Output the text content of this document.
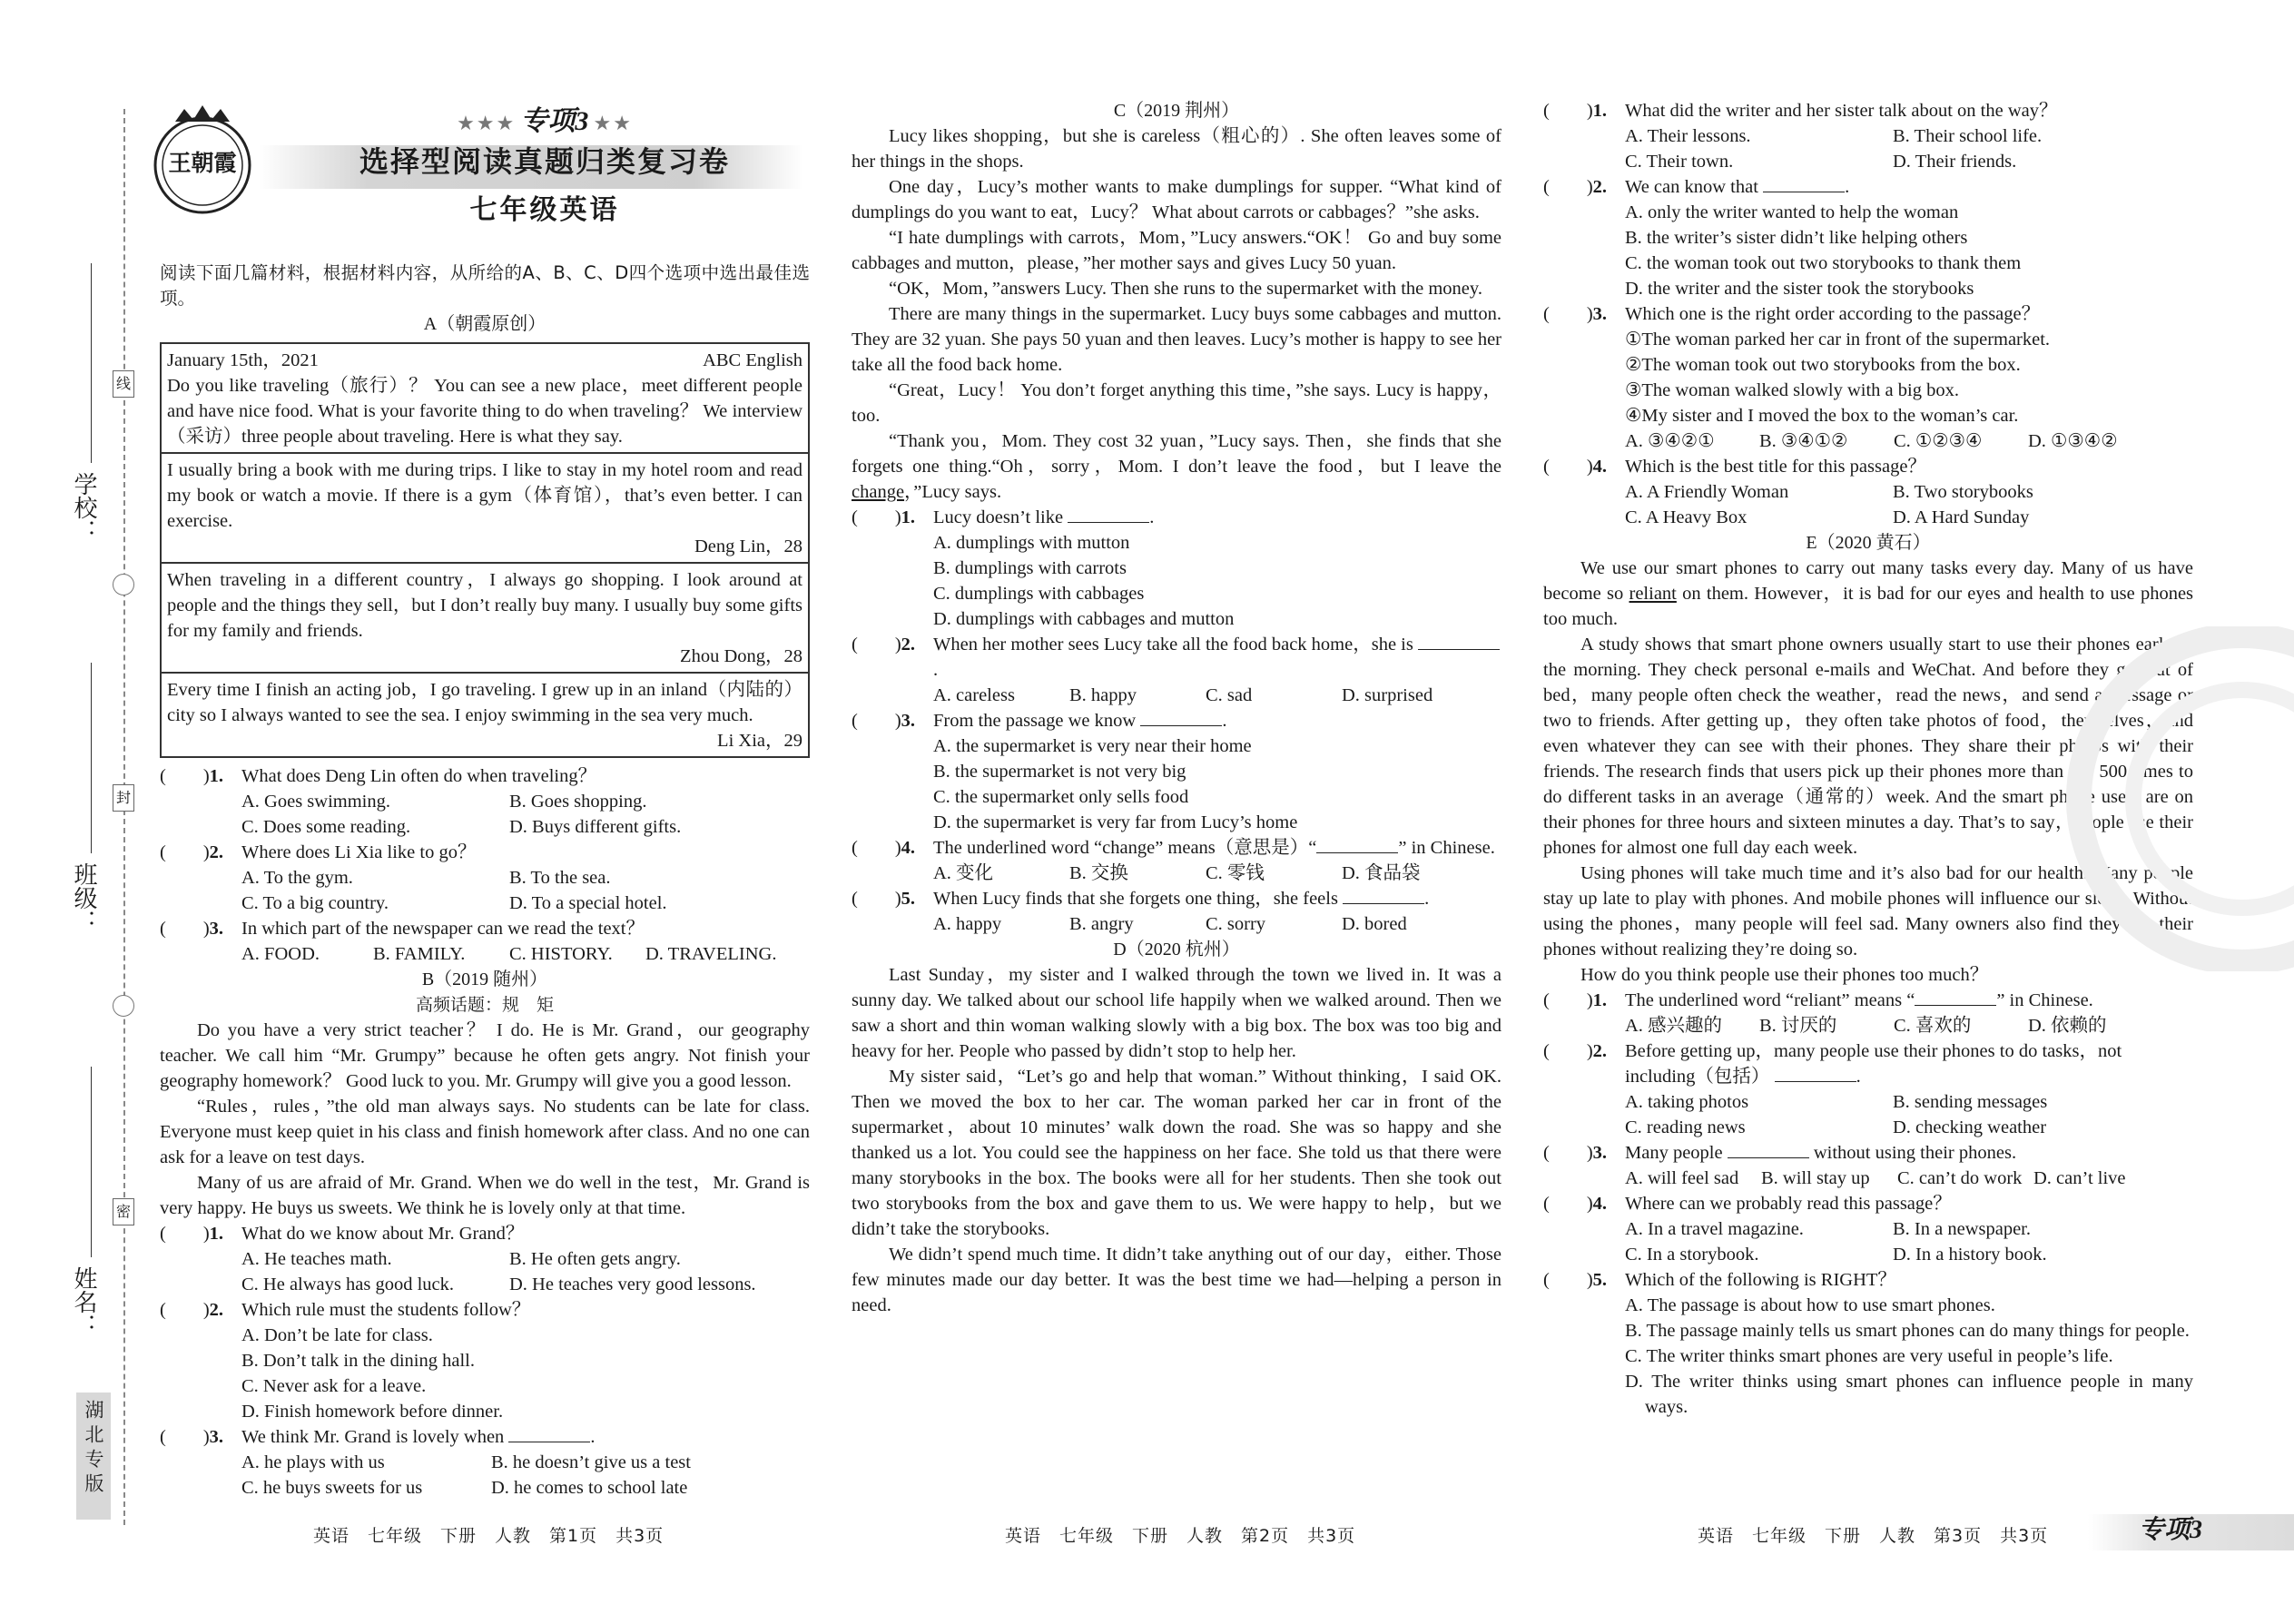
线
封
密
学校：
班级：
姓名：
湖北专版
王朝霞
★★★ 专项3 ★★
选择型阅读真题归类复习卷
七年级英语

阅读下面几篇材料，根据材料内容，从所给的A、B、C、D四个选项中选出最佳选项。

A（朝霞原创）

January 15th，2021	ABC English

Do you like traveling（旅行）？ You can see a new place，meet different people and have nice food. What is your favorite thing to do when traveling？ We interview（采访）three people about traveling. Here is what they say.

I usually bring a book with me during trips. I like to stay in my hotel room and read my book or watch a movie. If there is a gym（体育馆），that’s even better. I can exercise.

Deng Lin，28

When traveling in a different country，I always go shopping. I look around at people and the things they sell，but I don’t really buy many. I usually buy some gifts for my family and friends.

Zhou Dong，28

Every time I finish an acting job，I go traveling. I grew up in an inland（内陆的）city so I always wanted to see the sea. I enjoy swimming in the sea very much.

Li Xia，29

(　　)1. What does Deng Lin often do when traveling？
A. Goes swimming.	B. Goes shopping.
C. Does some reading.	D. Buys different gifts.
(　　)2. Where does Li Xia like to go？
A. To the gym.	B. To the sea.
C. To a big country.	D. To a special hotel.
(　　)3. In which part of the newspaper can we read the text？
A. FOOD.	B. FAMILY.	C. HISTORY.	D. TRAVELING.

B（2019 随州）

高频话题：规　矩

Do you have a very strict teacher？ I do. He is Mr. Grand，our geography teacher. We call him “Mr. Grumpy” because he often gets angry. Not finish your geography homework？ Good luck to you. Mr. Grumpy will give you a good lesson.

“Rules，rules，”the old man always says. No students can be late for class. Everyone must keep quiet in his class and finish homework after class. And no one can ask for a leave on test days.

Many of us are afraid of Mr. Grand. When we do well in the test，Mr. Grand is very happy. He buys us sweets. We think he is lovely only at that time.

(　　)1. What do we know about Mr. Grand？
A. He teaches math.	B. He often gets angry.
C. He always has good luck.	D. He teaches very good lessons.
(　　)2. Which rule must the students follow？
A. Don’t be late for class.
B. Don’t talk in the dining hall.
C. Never ask for a leave.
D. Finish homework before dinner.
(　　)3. We think Mr. Grand is lovely when	.
A. he plays with us	B. he doesn’t give us a test
C. he buys sweets for us	D. he comes to school late

C（2019 荆州）

Lucy likes shopping，but she is careless（粗心的）. She often leaves some of her things in the shops.

One day，Lucy’s mother wants to make dumplings for supper. “What kind of dumplings do you want to eat，Lucy？ What about carrots or cabbages？”she asks.

“I hate dumplings with carrots，Mom，”Lucy answers.“OK！ Go and buy some cabbages and mutton，please，”her mother says and gives Lucy 50 yuan.

“OK，Mom，”answers Lucy. Then she runs to the supermarket with the money.

There are many things in the supermarket. Lucy buys some cabbages and mutton. They are 32 yuan. She pays 50 yuan and then leaves. Lucy’s mother is happy to see her take all the food back home.

“Great，Lucy！ You don’t forget anything this time，”she says. Lucy is happy，too.

“Thank you，Mom. They cost 32 yuan，”Lucy says. Then，she finds that she forgets one thing.“Oh，sorry，Mom. I don’t leave the food，but I leave the change，”Lucy says.

(　　)1. Lucy doesn’t like	.
A. dumplings with mutton
B. dumplings with carrots
C. dumplings with cabbages
D. dumplings with cabbages and mutton
(　　)2. When her mother sees Lucy take all the food back home，she is .
A. careless	B. happy	C. sad	D. surprised
(　　)3. From the passage we know	.
A. the supermarket is very near their home
B. the supermarket is not very big
C. the supermarket only sells food
D. the supermarket is very far from Lucy’s home
(　　)4. The underlined word “change” means（意思是）“	” in Chinese.
A. 变化	B. 交换	C. 零钱	D. 食品袋
(　　)5. When Lucy finds that she forgets one thing，she feels	.
A. happy	B. angry	C. sorry	D. bored

D（2020 杭州）

Last Sunday，my sister and I walked through the town we lived in. It was a sunny day. We talked about our school life happily when we walked around. Then we saw a short and thin woman walking slowly with a big box. The box was too big and heavy for her. People who passed by didn’t stop to help her.

My sister said，“Let’s go and help that woman.” Without thinking，I said OK. Then we moved the box to her car. The woman parked her car in front of the supermarket，about 10 minutes’ walk down the road. She was so happy and she thanked us a lot. You could see the happiness on her face. She told us that there were many storybooks in the box. The books were all for her students. Then she took out two storybooks from the box and gave them to us. We were happy to help，but we didn’t take the storybooks.

We didn’t spend much time. It didn’t take anything out of our day，either. Those few minutes made our day better. It was the best time we had—helping a person in need.

(　　)1. What did the writer and her sister talk about on the way？
A. Their lessons.	B. Their school life.
C. Their town.	D. Their friends.
(　　)2. We can know that	.
A. only the writer wanted to help the woman
B. the writer’s sister didn’t like helping others
C. the woman took out two storybooks to thank them
D. the writer and the sister took the storybooks
(　　)3. Which one is the right order according to the passage？
①The woman parked her car in front of the supermarket.
②The woman took out two storybooks from the box.
③The woman walked slowly with a big box.
④My sister and I moved the box to the woman’s car.
A. ③④②①	B. ③④①②	C. ①②③④	D. ①③④②
(　　)4. Which is the best title for this passage？
A. A Friendly Woman	B. Two storybooks
C. A Heavy Box	D. A Hard Sunday

E（2020 黄石）

We use our smart phones to carry out many tasks every day. Many of us have become so reliant on them. However，it is bad for our eyes and health to use phones too much.

A study shows that smart phone owners usually start to use their phones early in the morning. They check personal e-mails and WeChat. And before they get out of bed，many people often check the weather，read the news，and send a message or two to friends. After getting up，they often take photos of food，themselves，and even whatever they can see with their phones. They share their photos with their friends. The research finds that users pick up their phones more than 1，500 times to do different tasks in an average（通常的）week. And the smart phone users are on their phones for three hours and sixteen minutes a day. That’s to say，people use their phones for almost one full day each week.

Using phones will take much time and it’s also bad for our health. Many people stay up late to play with phones. And mobile phones will influence our sleep. Without using the phones，many people will feel sad. Many owners also find they use their phones without realizing they’re doing so.

How do you think people use their phones too much？

(　　)1. The underlined word “reliant” means “	” in Chinese.
A. 感兴趣的	B. 讨厌的	C. 喜欢的	D. 依赖的
(　　)2. Before getting up，many people use their phones to do tasks，not including（包括）	.
A. taking photos	B. sending messages
C. reading news	D. checking weather
(　　)3. Many people	without using their phones.
A. will feel sad	B. will stay up	C. can’t do work D. can’t live
(　　)4. Where can we probably read this passage？
A. In a travel magazine.	B. In a newspaper.
C. In a storybook.	D. In a history book.
(　　)5. Which of the following is RIGHT？
A. The passage is about how to use smart phones.
B. The passage mainly tells us smart phones can do many things for people.
C. The writer thinks smart phones are very useful in people’s life.
D. The writer thinks using smart phones can influence people in many ways.
英语　七年级　下册　人教　第1页　共3页	英语　七年级　下册　人教　第2页　共3页	英语　七年级　下册　人教　第3页　共3页	专项3
